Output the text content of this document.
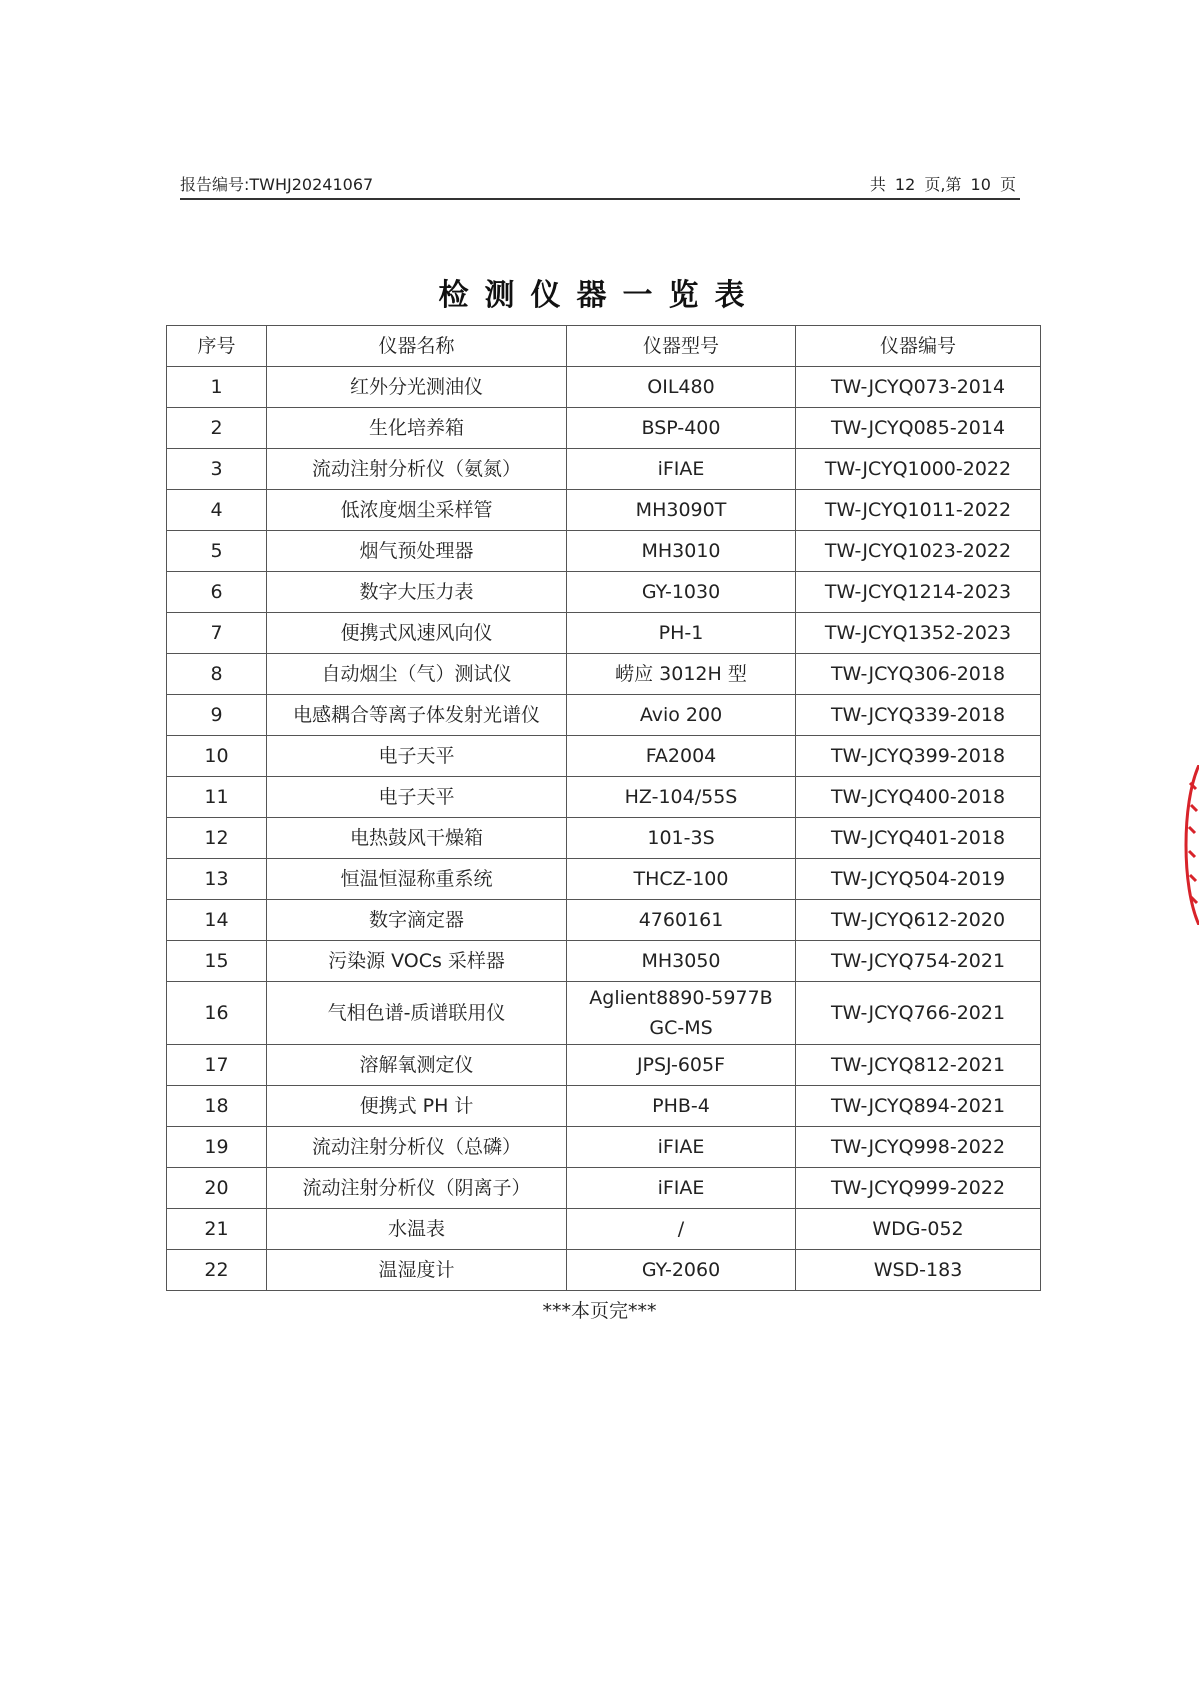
报告编号:TWHJ20241067	共 12 页,第 10 页
检测仪器一览表
序号	仪器名称	仪器型号	仪器编号
1	红外分光测油仪	OIL480	TW-JCYQ073-2014
2	生化培养箱	BSP-400	TW-JCYQ085-2014
3	流动注射分析仪（氨氮）	iFIAE	TW-JCYQ1000-2022
4	低浓度烟尘采样管	MH3090T	TW-JCYQ1011-2022
5	烟气预处理器	MH3010	TW-JCYQ1023-2022
6	数字大压力表	GY-1030	TW-JCYQ1214-2023
7	便携式风速风向仪	PH-1	TW-JCYQ1352-2023
8	自动烟尘（气）测试仪	崂应 3012H 型	TW-JCYQ306-2018
9	电感耦合等离子体发射光谱仪	Avio 200	TW-JCYQ339-2018
10	电子天平	FA2004	TW-JCYQ399-2018
11	电子天平	HZ-104/55S	TW-JCYQ400-2018
12	电热鼓风干燥箱	101-3S	TW-JCYQ401-2018
13	恒温恒湿称重系统	THCZ-100	TW-JCYQ504-2019
14	数字滴定器	4760161	TW-JCYQ612-2020
15	污染源 VOCs 采样器	MH3050	TW-JCYQ754-2021
16	气相色谱-质谱联用仪	Aglient8890-5977B GC-MS	TW-JCYQ766-2021
17	溶解氧测定仪	JPSJ-605F	TW-JCYQ812-2021
18	便携式 PH 计	PHB-4	TW-JCYQ894-2021
19	流动注射分析仪（总磷）	iFIAE	TW-JCYQ998-2022
20	流动注射分析仪（阴离子）	iFIAE	TW-JCYQ999-2022
21	水温表	/	WDG-052
22	温湿度计	GY-2060	WSD-183
***本页完***
